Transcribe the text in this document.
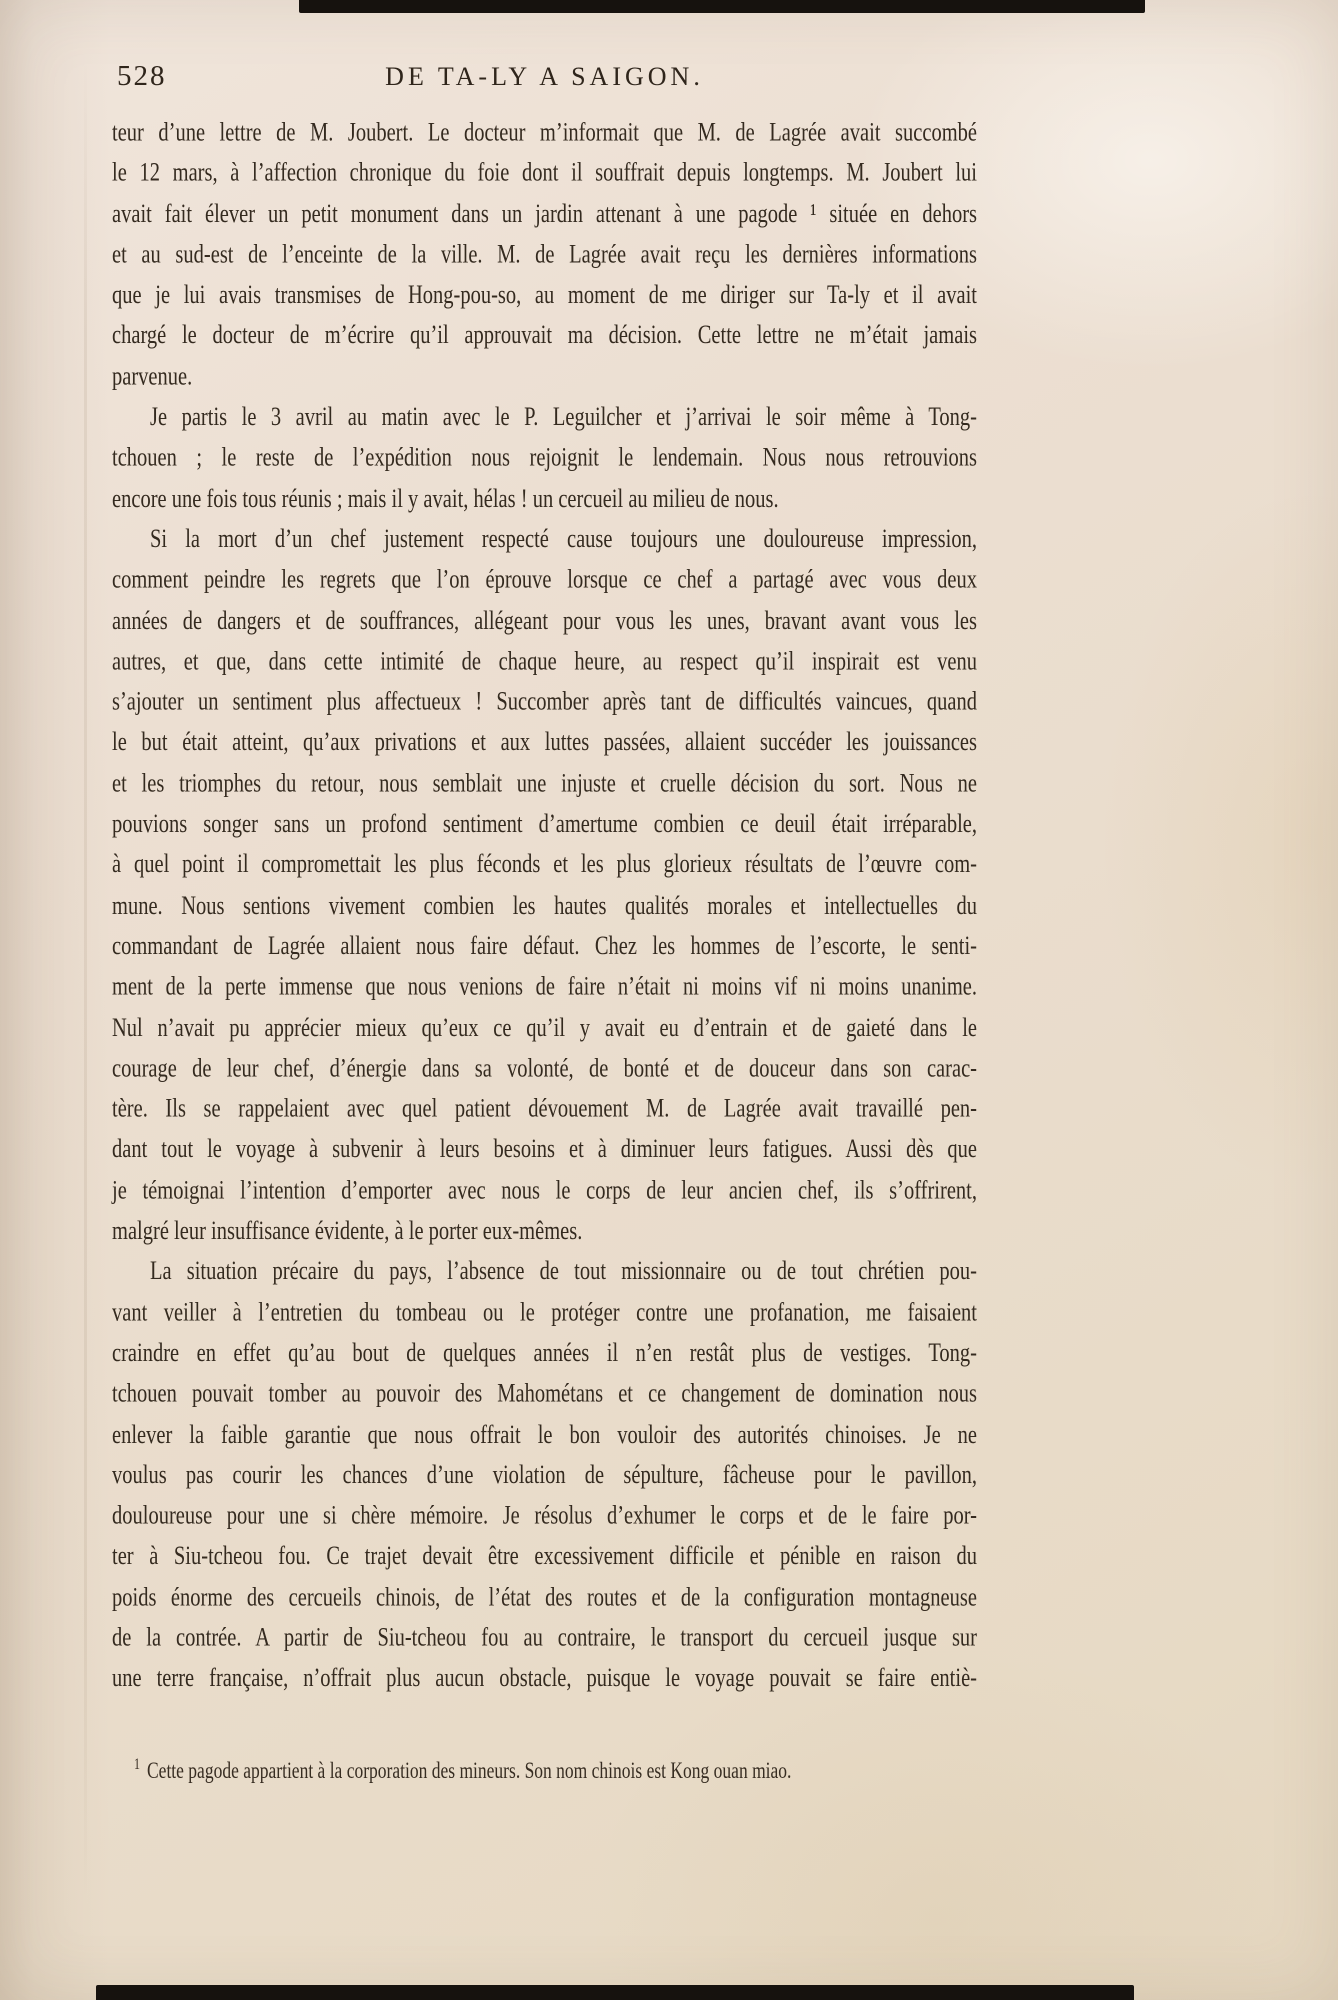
528	DE TA-LY A SAIGON.
teur d’une lettre de M. Joubert. Le docteur m’informait que M. de Lagrée avait succombé
le 12 mars, à l’affection chronique du foie dont il souffrait depuis longtemps. M. Joubert lui
avait fait élever un petit monument dans un jardin attenant à une pagode ¹ située en dehors
et au sud-est de l’enceinte de la ville. M. de Lagrée avait reçu les dernières informations
que je lui avais transmises de Hong-pou-so, au moment de me diriger sur Ta-ly et il avait
chargé le docteur de m’écrire qu’il approuvait ma décision. Cette lettre ne m’était jamais
parvenue.
Je partis le 3 avril au matin avec le P. Leguilcher et j’arrivai le soir même à Tong-
tchouen ; le reste de l’expédition nous rejoignit le lendemain. Nous nous retrouvions
encore une fois tous réunis ; mais il y avait, hélas ! un cercueil au milieu de nous.
Si la mort d’un chef justement respecté cause toujours une douloureuse impression,
comment peindre les regrets que l’on éprouve lorsque ce chef a partagé avec vous deux
années de dangers et de souffrances, allégeant pour vous les unes, bravant avant vous les
autres, et que, dans cette intimité de chaque heure, au respect qu’il inspirait est venu
s’ajouter un sentiment plus affectueux ! Succomber après tant de difficultés vaincues, quand
le but était atteint, qu’aux privations et aux luttes passées, allaient succéder les jouissances
et les triomphes du retour, nous semblait une injuste et cruelle décision du sort. Nous ne
pouvions songer sans un profond sentiment d’amertume combien ce deuil était irréparable,
à quel point il compromettait les plus féconds et les plus glorieux résultats de l’œuvre com-
mune. Nous sentions vivement combien les hautes qualités morales et intellectuelles du
commandant de Lagrée allaient nous faire défaut. Chez les hommes de l’escorte, le senti-
ment de la perte immense que nous venions de faire n’était ni moins vif ni moins unanime.
Nul n’avait pu apprécier mieux qu’eux ce qu’il y avait eu d’entrain et de gaieté dans le
courage de leur chef, d’énergie dans sa volonté, de bonté et de douceur dans son carac-
tère. Ils se rappelaient avec quel patient dévouement M. de Lagrée avait travaillé pen-
dant tout le voyage à subvenir à leurs besoins et à diminuer leurs fatigues. Aussi dès que
je témoignai l’intention d’emporter avec nous le corps de leur ancien chef, ils s’offrirent,
malgré leur insuffisance évidente, à le porter eux-mêmes.
La situation précaire du pays, l’absence de tout missionnaire ou de tout chrétien pou-
vant veiller à l’entretien du tombeau ou le protéger contre une profanation, me faisaient
craindre en effet qu’au bout de quelques années il n’en restât plus de vestiges. Tong-
tchouen pouvait tomber au pouvoir des Mahométans et ce changement de domination nous
enlever la faible garantie que nous offrait le bon vouloir des autorités chinoises. Je ne
voulus pas courir les chances d’une violation de sépulture, fâcheuse pour le pavillon,
douloureuse pour une si chère mémoire. Je résolus d’exhumer le corps et de le faire por-
ter à Siu-tcheou fou. Ce trajet devait être excessivement difficile et pénible en raison du
poids énorme des cercueils chinois, de l’état des routes et de la configuration montagneuse
de la contrée. A partir de Siu-tcheou fou au contraire, le transport du cercueil jusque sur
une terre française, n’offrait plus aucun obstacle, puisque le voyage pouvait se faire entiè-
$^1$ Cette pagode appartient à la corporation des mineurs. Son nom chinois est Kong ouan miao.
